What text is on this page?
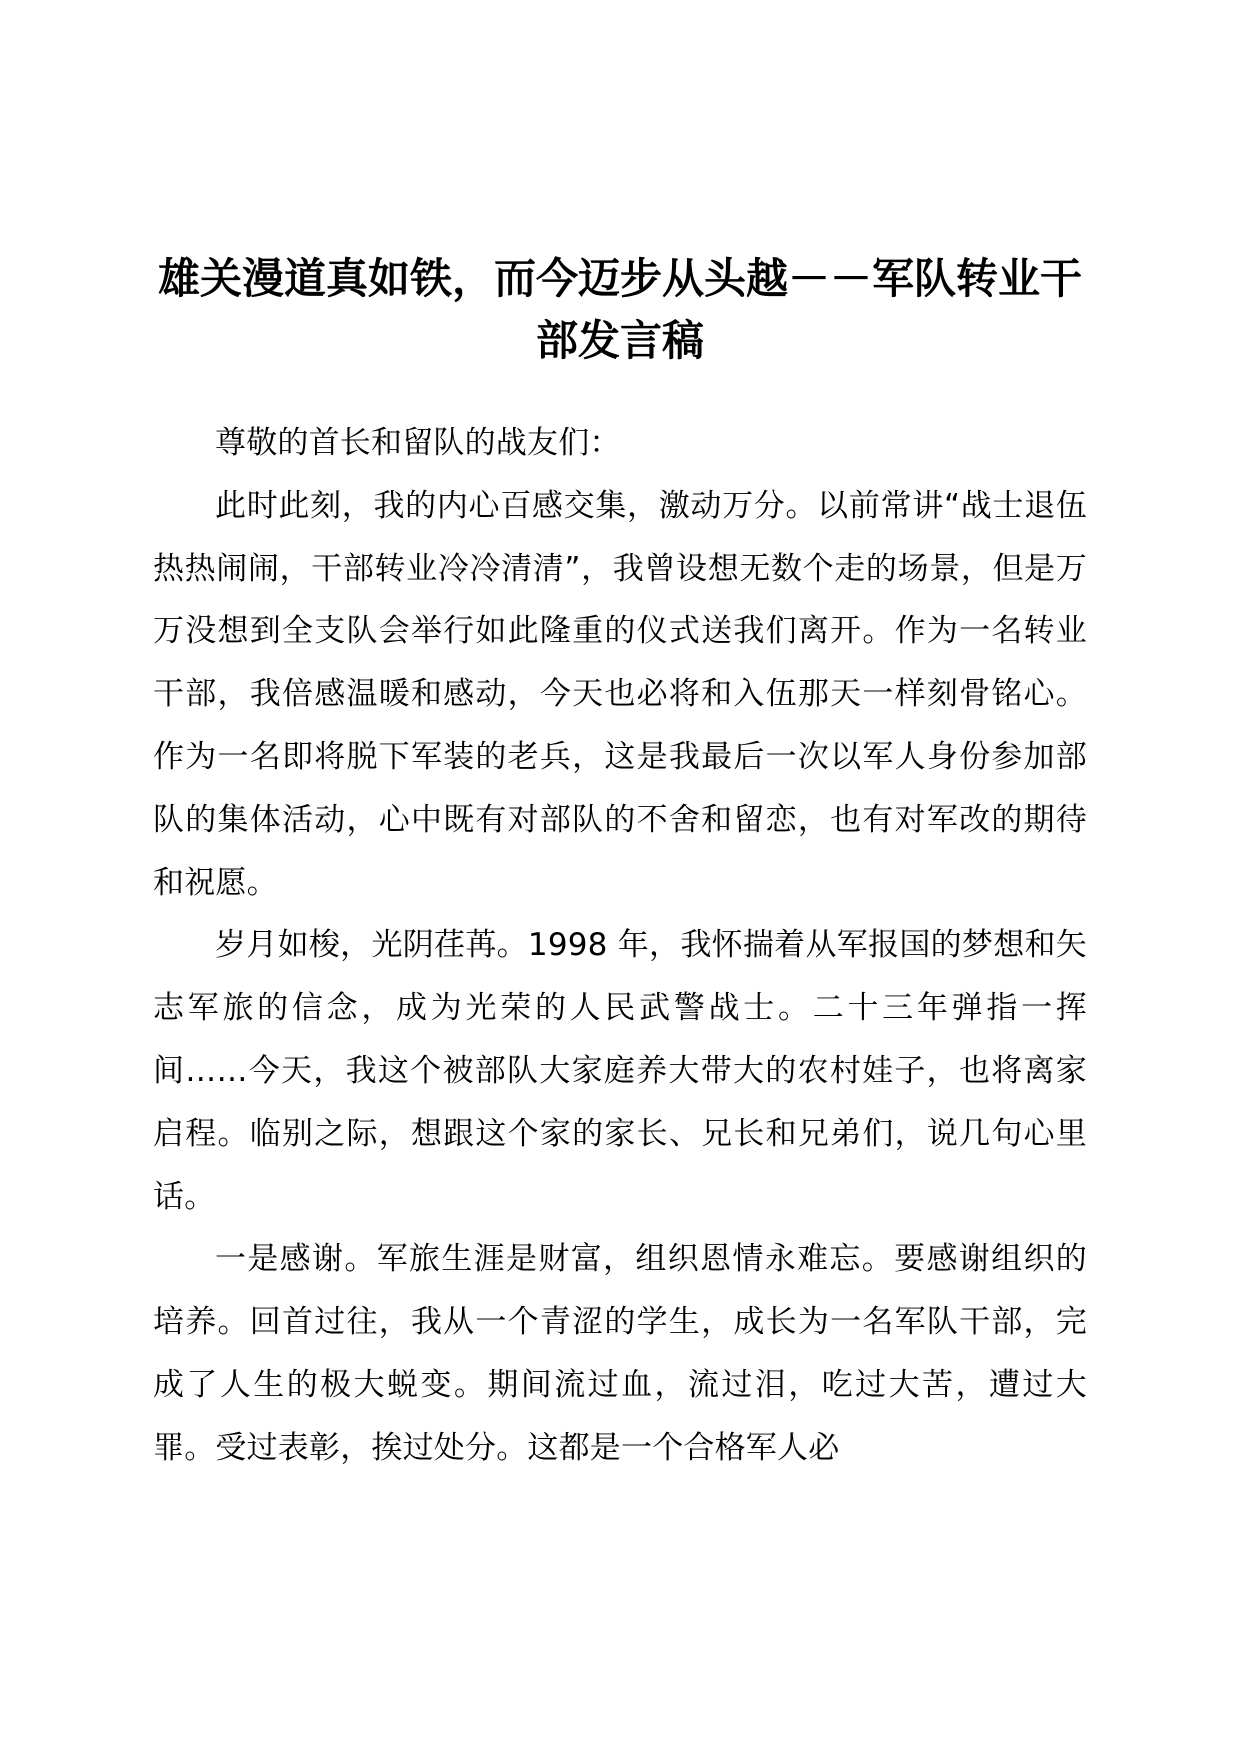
雄关漫道真如铁，而今迈步从头越－－军队转业干部发言稿

尊敬的首长和留队的战友们：

此时此刻，我的内心百感交集，激动万分。以前常讲“战士退伍热热闹闹，干部转业冷冷清清”，我曾设想无数个走的场景，但是万万没想到全支队会举行如此隆重的仪式送我们离开。作为一名转业干部，我倍感温暖和感动，今天也必将和入伍那天一样刻骨铭心。作为一名即将脱下军装的老兵，这是我最后一次以军人身份参加部队的集体活动，心中既有对部队的不舍和留恋，也有对军改的期待和祝愿。

岁月如梭，光阴荏苒。1998 年，我怀揣着从军报国的梦想和矢志军旅的信念，成为光荣的人民武警战士。二十三年弹指一挥间……今天，我这个被部队大家庭养大带大的农村娃子，也将离家启程。临别之际，想跟这个家的家长、兄长和兄弟们，说几句心里话。

一是感谢。军旅生涯是财富，组织恩情永难忘。要感谢组织的培养。回首过往，我从一个青涩的学生，成长为一名军队干部，完成了人生的极大蜕变。期间流过血，流过泪，吃过大苦，遭过大罪。受过表彰，挨过处分。这都是一个合格军人必
